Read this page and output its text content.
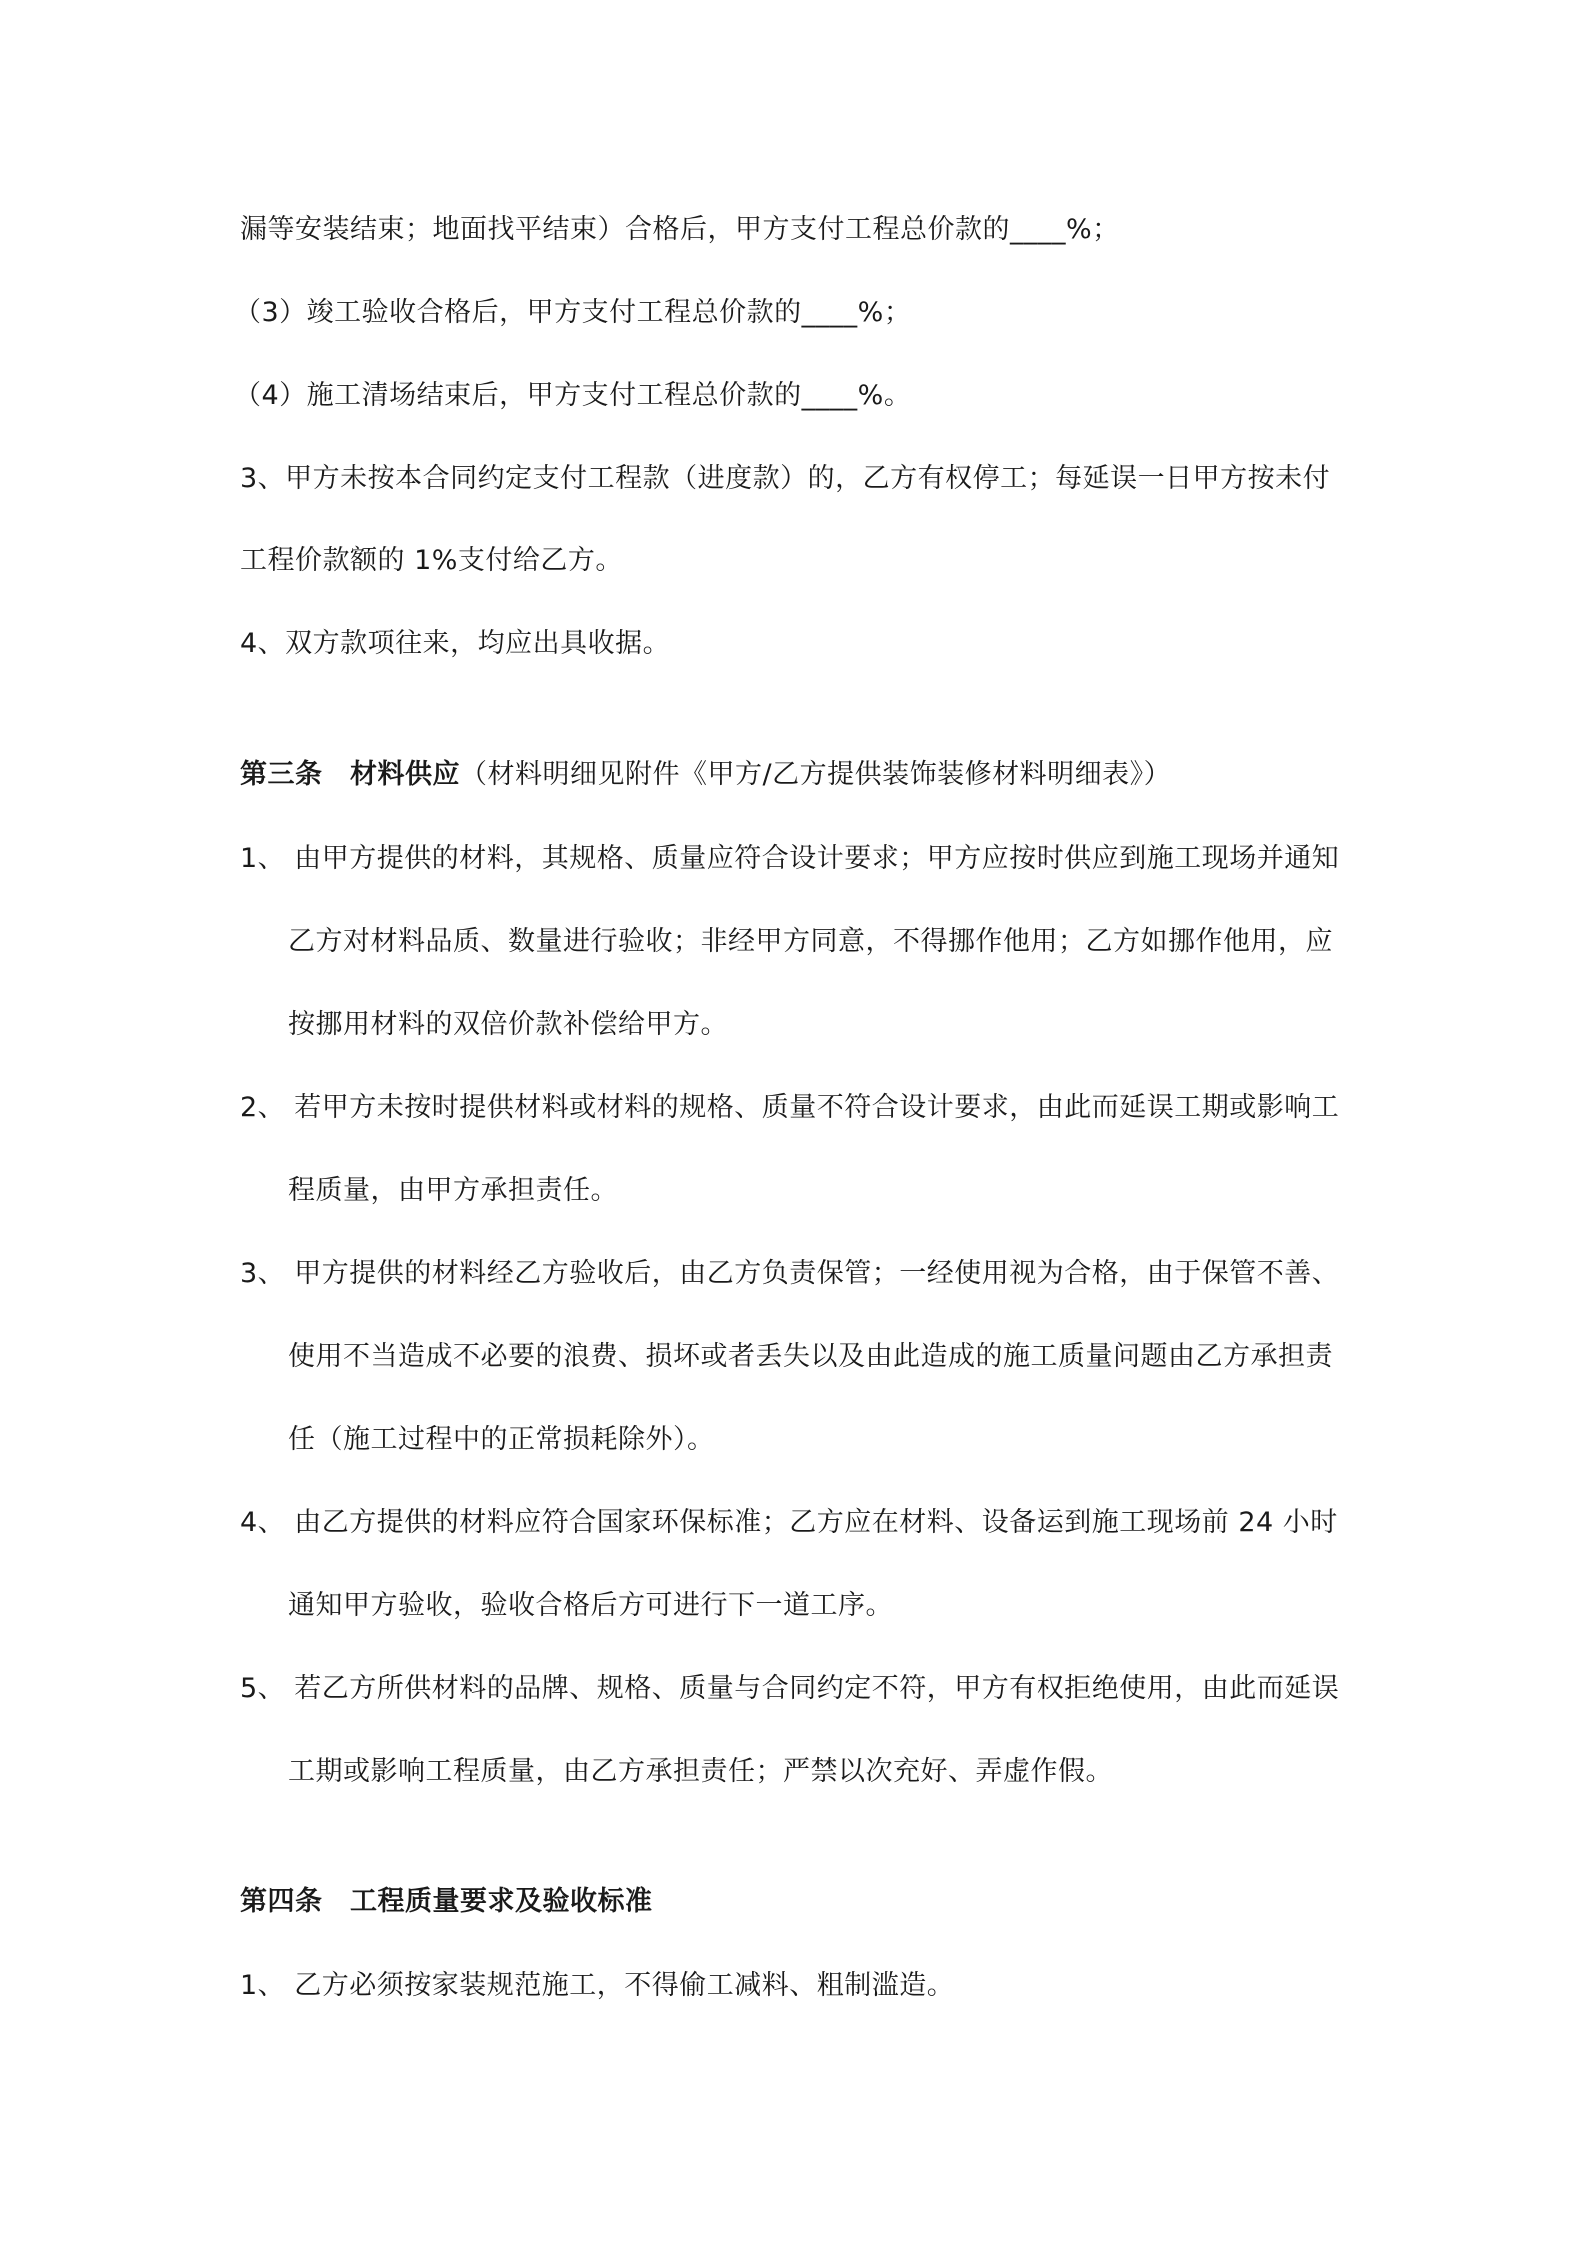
漏等安装结束；地面找平结束）合格后，甲方支付工程总价款的____%；
（3）竣工验收合格后，甲方支付工程总价款的____%；
（4）施工清场结束后，甲方支付工程总价款的____%。
3、甲方未按本合同约定支付工程款（进度款）的，乙方有权停工；每延误一日甲方按未付
工程价款额的 1%支付给乙方。
4、双方款项往来，均应出具收据。
第三条　材料供应（材料明细见附件《甲方/乙方提供装饰装修材料明细表》）
1、 由甲方提供的材料，其规格、质量应符合设计要求；甲方应按时供应到施工现场并通知
乙方对材料品质、数量进行验收；非经甲方同意，不得挪作他用；乙方如挪作他用，应
按挪用材料的双倍价款补偿给甲方。
2、 若甲方未按时提供材料或材料的规格、质量不符合设计要求，由此而延误工期或影响工
程质量，由甲方承担责任。
3、 甲方提供的材料经乙方验收后，由乙方负责保管；一经使用视为合格，由于保管不善、
使用不当造成不必要的浪费、损坏或者丢失以及由此造成的施工质量问题由乙方承担责
任（施工过程中的正常损耗除外）。
4、 由乙方提供的材料应符合国家环保标准；乙方应在材料、设备运到施工现场前 24 小时
通知甲方验收，验收合格后方可进行下一道工序。
5、 若乙方所供材料的品牌、规格、质量与合同约定不符，甲方有权拒绝使用，由此而延误
工期或影响工程质量，由乙方承担责任；严禁以次充好、弄虚作假。
第四条　工程质量要求及验收标准
1、 乙方必须按家装规范施工，不得偷工减料、粗制滥造。
